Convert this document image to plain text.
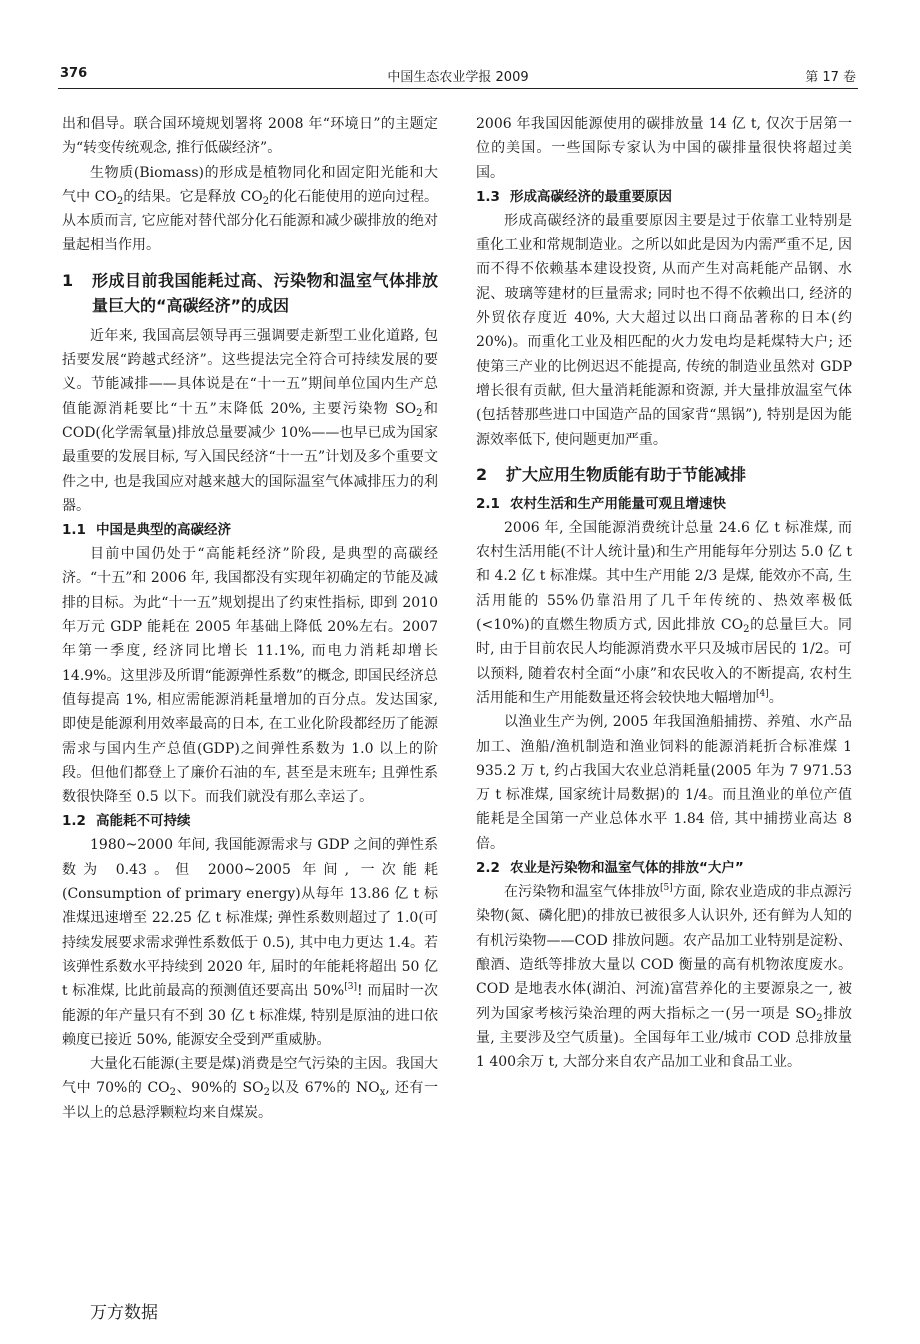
376	中国生态农业学报 2009	第 17 卷

出和倡导。联合国环境规划署将 2008 年“环境日”的主题定为“转变传统观念, 推行低碳经济”。

生物质(Biomass)的形成是植物同化和固定阳光能和大气中 $CO_2$的结果。它是释放 $CO_2$的化石能使用的逆向过程。从本质而言, 它应能对替代部分化石能源和减少碳排放的绝对量起相当作用。

1	形成目前我国能耗过高、污染物和温室气体排放量巨大的“高碳经济”的成因

近年来, 我国高层领导再三强调要走新型工业化道路, 包括要发展“跨越式经济”。这些提法完全符合可持续发展的要义。节能减排——具体说是在“十一五”期间单位国内生产总值能源消耗要比“十五”末降低 20%, 主要污染物 $SO_2$和 COD(化学需氧量)排放总量要减少 10%——也早已成为国家最重要的发展目标, 写入国民经济“十一五”计划及多个重要文件之中, 也是我国应对越来越大的国际温室气体减排压力的利器。

1.1 中国是典型的高碳经济

目前中国仍处于“高能耗经济”阶段, 是典型的高碳经济。“十五”和 2006 年, 我国都没有实现年初确定的节能及减排的目标。为此“十一五”规划提出了约束性指标, 即到 2010 年万元 GDP 能耗在 2005 年基础上降低 20%左右。2007 年第一季度, 经济同比增长 11.1%, 而电力消耗却增长 14.9%。这里涉及所谓“能源弹性系数”的概念, 即国民经济总值每提高 1%, 相应需能源消耗量增加的百分点。发达国家, 即使是能源利用效率最高的日本, 在工业化阶段都经历了能源需求与国内生产总值(GDP)之间弹性系数为 1.0 以上的阶段。但他们都登上了廉价石油的车, 甚至是末班车; 且弹性系数很快降至 0.5 以下。而我们就没有那么幸运了。

1.2 高能耗不可持续

1980~2000 年间, 我国能源需求与 GDP 之间的弹性系数为 0.43。但 2000~2005 年间, 一次能耗(Consumption of primary energy)从每年 13.86 亿 t 标准煤迅速增至 22.25 亿 t 标准煤; 弹性系数则超过了 1.0(可持续发展要求需求弹性系数低于 0.5), 其中电力更达 1.4。若该弹性系数水平持续到 2020 年, 届时的年能耗将超出 50 亿 t 标准煤, 比此前最高的预测值还要高出 50%[3]! 而届时一次能源的年产量只有不到 30 亿 t 标准煤, 特别是原油的进口依赖度已接近 50%, 能源安全受到严重威胁。

大量化石能源(主要是煤)消费是空气污染的主因。我国大气中 70%的 $CO_2$、90%的 $SO_2$以及 67%的 $NO_x$, 还有一半以上的总悬浮颗粒均来自煤炭。

2006 年我国因能源使用的碳排放量 14 亿 t, 仅次于居第一位的美国。一些国际专家认为中国的碳排量很快将超过美国。

1.3 形成高碳经济的最重要原因

形成高碳经济的最重要原因主要是过于依靠工业特别是重化工业和常规制造业。之所以如此是因为内需严重不足, 因而不得不依赖基本建设投资, 从而产生对高耗能产品钢、水泥、玻璃等建材的巨量需求; 同时也不得不依赖出口, 经济的外贸依存度近 40%, 大大超过以出口商品著称的日本(约 20%)。而重化工业及相匹配的火力发电均是耗煤特大户; 还使第三产业的比例迟迟不能提高, 传统的制造业虽然对 GDP 增长很有贡献, 但大量消耗能源和资源, 并大量排放温室气体(包括替那些进口中国造产品的国家背“黑锅”), 特别是因为能源效率低下, 使问题更加严重。

2	扩大应用生物质能有助于节能减排
2.1 农村生活和生产用能量可观且增速快

2006 年, 全国能源消费统计总量 24.6 亿 t 标准煤, 而农村生活用能(不计人统计量)和生产用能每年分别达 5.0 亿 t 和 4.2 亿 t 标准煤。其中生产用能 2/3 是煤, 能效亦不高, 生活用能的 55%仍靠沿用了几千年传统的、热效率极低(<10%)的直燃生物质方式, 因此排放 $CO_2$的总量巨大。同时, 由于目前农民人均能源消费水平只及城市居民的 1/2。可以预料, 随着农村全面“小康”和农民收入的不断提高, 农村生活用能和生产用能数量还将会较快地大幅增加[4]。

以渔业生产为例, 2005 年我国渔船捕捞、养殖、水产品加工、渔船/渔机制造和渔业饲料的能源消耗折合标准煤 1 935.2 万 t, 约占我国大农业总消耗量(2005 年为 7 971.53 万 t 标准煤, 国家统计局数据)的 1/4。而且渔业的单位产值能耗是全国第一产业总体水平 1.84 倍, 其中捕捞业高达 8 倍。

2.2 农业是污染物和温室气体的排放“大户”

在污染物和温室气体排放[5]方面, 除农业造成的非点源污染物(氮、磷化肥)的排放已被很多人认识外, 还有鲜为人知的有机污染物——COD 排放问题。农产品加工业特别是淀粉、酿酒、造纸等排放大量以 COD 衡量的高有机物浓度废水。COD 是地表水体(湖泊、河流)富营养化的主要源泉之一, 被列为国家考核污染治理的两大指标之一(另一项是 $SO_2$排放量, 主要涉及空气质量)。全国每年工业/城市 COD 总排放量 1 400余万 t, 大部分来自农产品加工业和食品工业。

万方数据
